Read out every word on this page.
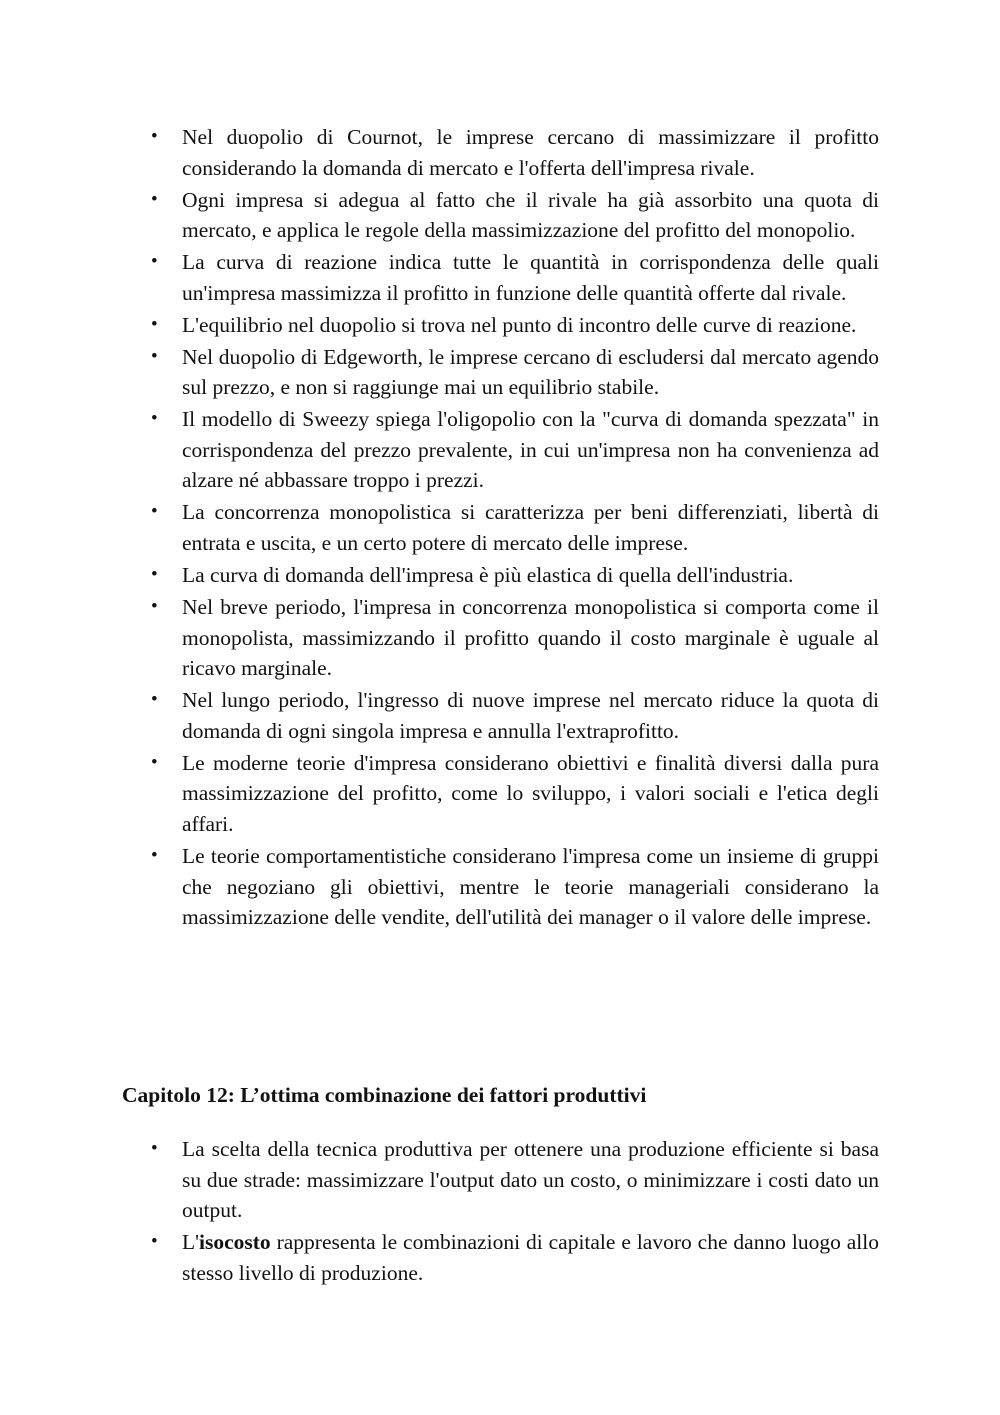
• Nel duopolio di Cournot, le imprese cercano di massimizzare il profitto considerando la domanda di mercato e l'offerta dell'impresa rivale.
• Ogni impresa si adegua al fatto che il rivale ha già assorbito una quota di mercato, e applica le regole della massimizzazione del profitto del monopolio.
• La curva di reazione indica tutte le quantità in corrispondenza delle quali un'impresa massimizza il profitto in funzione delle quantità offerte dal rivale.
• L'equilibrio nel duopolio si trova nel punto di incontro delle curve di reazione.
• Nel duopolio di Edgeworth, le imprese cercano di escludersi dal mercato agendo sul prezzo, e non si raggiunge mai un equilibrio stabile.
• Il modello di Sweezy spiega l'oligopolio con la "curva di domanda spezzata" in corrispondenza del prezzo prevalente, in cui un'impresa non ha convenienza ad alzare né abbassare troppo i prezzi.
• La concorrenza monopolistica si caratterizza per beni differenziati, libertà di entrata e uscita, e un certo potere di mercato delle imprese.
• La curva di domanda dell'impresa è più elastica di quella dell'industria.
• Nel breve periodo, l'impresa in concorrenza monopolistica si comporta come il monopolista, massimizzando il profitto quando il costo marginale è uguale al ricavo marginale.
• Nel lungo periodo, l'ingresso di nuove imprese nel mercato riduce la quota di domanda di ogni singola impresa e annulla l'extraprofitto.
• Le moderne teorie d'impresa considerano obiettivi e finalità diversi dalla pura massimizzazione del profitto, come lo sviluppo, i valori sociali e l'etica degli affari.
• Le teorie comportamentistiche considerano l'impresa come un insieme di gruppi che negoziano gli obiettivi, mentre le teorie manageriali considerano la massimizzazione delle vendite, dell'utilità dei manager o il valore delle imprese.
Capitolo 12: L’ottima combinazione dei fattori produttivi
• La scelta della tecnica produttiva per ottenere una produzione efficiente si basa su due strade: massimizzare l'output dato un costo, o minimizzare i costi dato un output.
• L'isocosto rappresenta le combinazioni di capitale e lavoro che danno luogo allo stesso livello di produzione.
